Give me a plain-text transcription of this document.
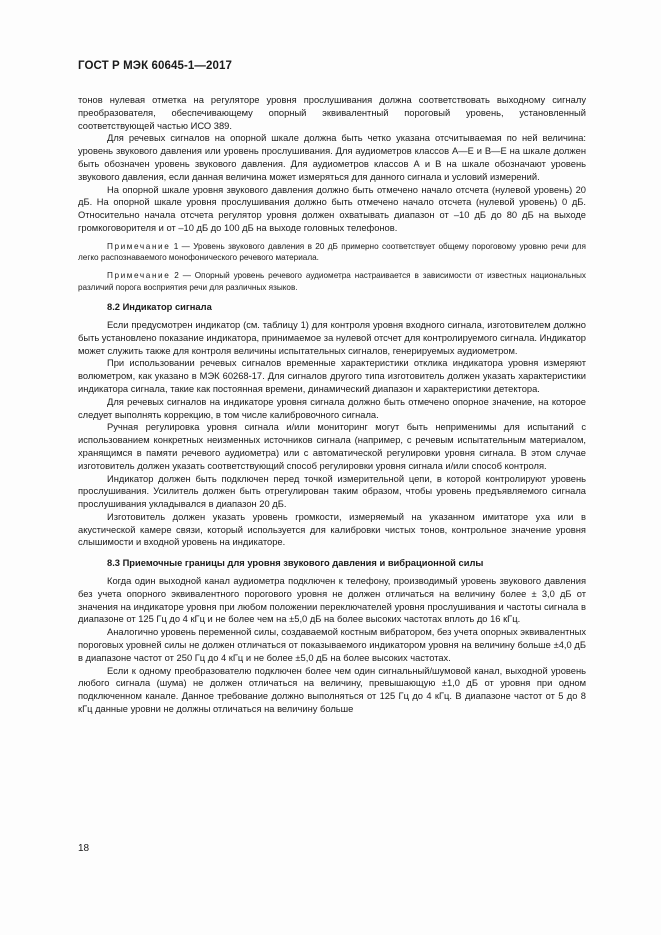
ГОСТ Р МЭК 60645-1—2017

тонов нулевая отметка на регуляторе уровня прослушивания должна соответствовать выходному сигналу преобразователя, обеспечивающему опорный эквивалентный пороговый уровень, установленный соответствующей частью ИСО 389.

Для речевых сигналов на опорной шкале должна быть четко указана отсчитываемая по ней величина: уровень звукового давления или уровень прослушивания. Для аудиометров классов А—Е и В—Е на шкале должен быть обозначен уровень звукового давления. Для аудиометров классов А и В на шкале обозначают уровень звукового давления, если данная величина может измеряться для данного сигнала и условий измерений.

На опорной шкале уровня звукового давления должно быть отмечено начало отсчета (нулевой уровень) 20 дБ. На опорной шкале уровня прослушивания должно быть отмечено начало отсчета (нулевой уровень) 0 дБ. Относительно начала отсчета регулятор уровня должен охватывать диапазон от –10 дБ до 80 дБ на выходе громкоговорителя и от –10 дБ до 100 дБ на выходе головных телефонов.

Примечание 1 — Уровень звукового давления в 20 дБ примерно соответствует общему пороговому уровню речи для легко распознаваемого монофонического речевого материала.

Примечание 2 — Опорный уровень речевого аудиометра настраивается в зависимости от известных национальных различий порога восприятия речи для различных языков.

8.2 Индикатор сигнала

Если предусмотрен индикатор (см. таблицу 1) для контроля уровня входного сигнала, изготовителем должно быть установлено показание индикатора, принимаемое за нулевой отсчет для контролируемого сигнала. Индикатор может служить также для контроля величины испытательных сигналов, генерируемых аудиометром.

При использовании речевых сигналов временные характеристики отклика индикатора уровня измеряют волюметром, как указано в МЭК 60268-17. Для сигналов другого типа изготовитель должен указать характеристики индикатора сигнала, такие как постоянная времени, динамический диапазон и характеристики детектора.

Для речевых сигналов на индикаторе уровня сигнала должно быть отмечено опорное значение, на которое следует выполнять коррекцию, в том числе калибровочного сигнала.

Ручная регулировка уровня сигнала и/или мониторинг могут быть неприменимы для испытаний с использованием конкретных неизменных источников сигнала (например, с речевым испытательным материалом, хранящимся в памяти речевого аудиометра) или с автоматической регулировки уровня сигнала. В этом случае изготовитель должен указать соответствующий способ регулировки уровня сигнала и/или способ контроля.

Индикатор должен быть подключен перед точкой измерительной цепи, в которой контролируют уровень прослушивания. Усилитель должен быть отрегулирован таким образом, чтобы уровень предъявляемого сигнала прослушивания укладывался в диапазон 20 дБ.

Изготовитель должен указать уровень громкости, измеряемый на указанном имитаторе уха или в акустической камере связи, который используется для калибровки чистых тонов, контрольное значение уровня слышимости и входной уровень на индикаторе.

8.3 Приемочные границы для уровня звукового давления и вибрационной силы

Когда один выходной канал аудиометра подключен к телефону, производимый уровень звукового давления без учета опорного эквивалентного порогового уровня не должен отличаться на величину более ± 3,0 дБ от значения на индикаторе уровня при любом положении переключателей уровня прослушивания и частоты сигнала в диапазоне от 125 Гц до 4 кГц и не более чем на ±5,0 дБ на более высоких частотах вплоть до 16 кГц.

Аналогично уровень переменной силы, создаваемой костным вибратором, без учета опорных эквивалентных пороговых уровней силы не должен отличаться от показываемого индикатором уровня на величину больше ±4,0 дБ в диапазоне частот от 250 Гц до 4 кГц и не более ±5,0 дБ на более высоких частотах.

Если к одному преобразователю подключен более чем один сигнальный/шумовой канал, выходной уровень любого сигнала (шума) не должен отличаться на величину, превышающую ±1,0 дБ от уровня при одном подключенном канале. Данное требование должно выполняться от 125 Гц до 4 кГц. В диапазоне частот от 5 до 8 кГц данные уровни не должны отличаться на величину больше

18
